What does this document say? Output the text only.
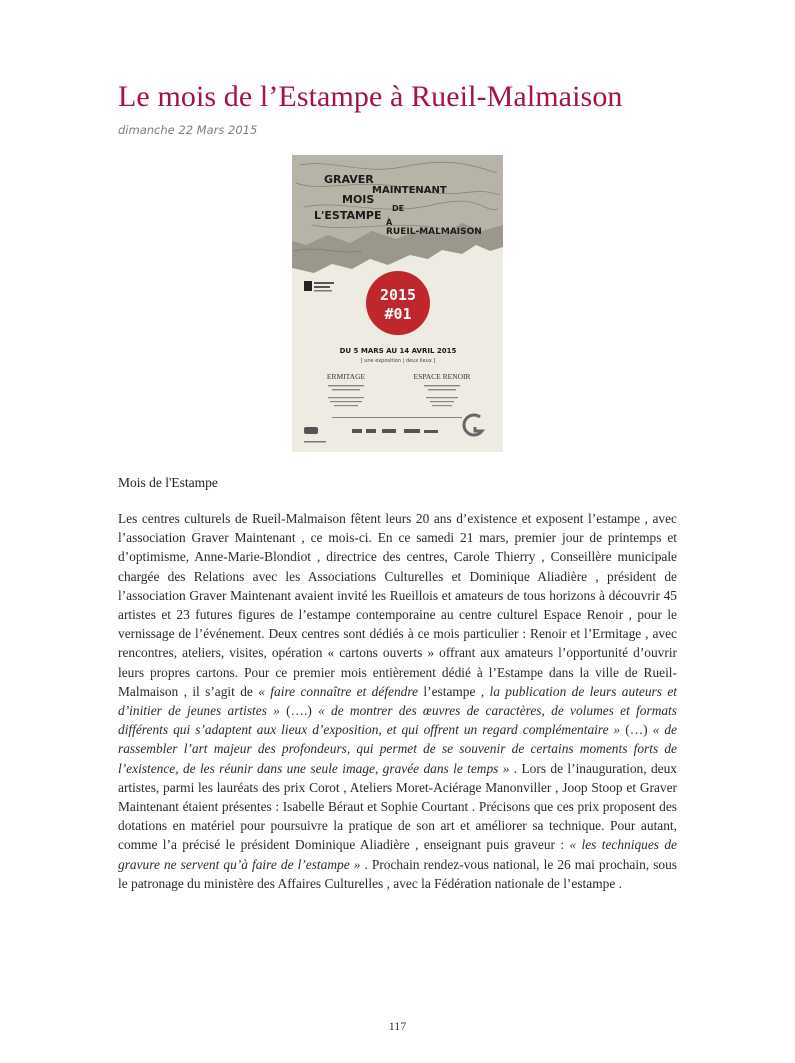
Le mois de l’Estampe à Rueil-Malmaison
dimanche 22 Mars 2015
GRAVER
MAINTENANT
MOIS
DE
L'ESTAMPE
À
RUEIL-MALMAISON
2015
#01
DU 5 MARS AU 14 AVRIL 2015
[ une exposition | deux lieux ]
ERMITAGE	ESPACE RENOIR
Mois de l'Estampe

Les centres culturels de Rueil-Malmaison fêtent leurs 20 ans d’existence et exposent l’estampe , avec l’association Graver Maintenant , ce mois-ci. En ce samedi 21 mars, premier jour de printemps et d’optimisme, Anne-Marie-Blondiot , directrice des centres, Carole Thierry , Conseillère municipale chargée des Relations avec les Associations Culturelles et Dominique Aliadière , président de l’association Graver Maintenant avaient invité les Rueillois et amateurs de tous horizons à découvrir 45 artistes et 23 futures figures de l’estampe contemporaine au centre culturel Espace Renoir , pour le vernissage de l’événement. Deux centres sont dédiés à ce mois particulier : Renoir et l’Ermitage , avec rencontres, ateliers, visites, opération « cartons ouverts » offrant aux amateurs l’opportunité d’ouvrir leurs propres cartons. Pour ce premier mois entièrement dédié à l’Estampe dans la ville de Rueil-Malmaison , il s’agit de « faire connaître et défendre l’estampe , la publication de leurs auteurs et d’initier de jeunes artistes » (….) « de montrer des œuvres de caractères, de volumes et formats différents qui s’adaptent aux lieux d’exposition, et qui offrent un regard complémentaire » (…) « de rassembler l’art majeur des profondeurs, qui permet de se souvenir de certains moments forts de l’existence, de les réunir dans une seule image, gravée dans le temps » . Lors de l’inauguration, deux artistes, parmi les lauréats des prix Corot , Ateliers Moret-Aciérage Manonviller , Joop Stoop et Graver Maintenant étaient présentes : Isabelle Béraut et Sophie Courtant . Précisons que ces prix proposent des dotations en matériel pour poursuivre la pratique de son art et améliorer sa technique. Pour autant, comme l’a précisé le président Dominique Aliadière , enseignant puis graveur : « les techniques de gravure ne servent qu’à faire de l’estampe » . Prochain rendez-vous national, le 26 mai prochain, sous le patronage du ministère des Affaires Culturelles , avec la Fédération nationale de l’estampe .

117
